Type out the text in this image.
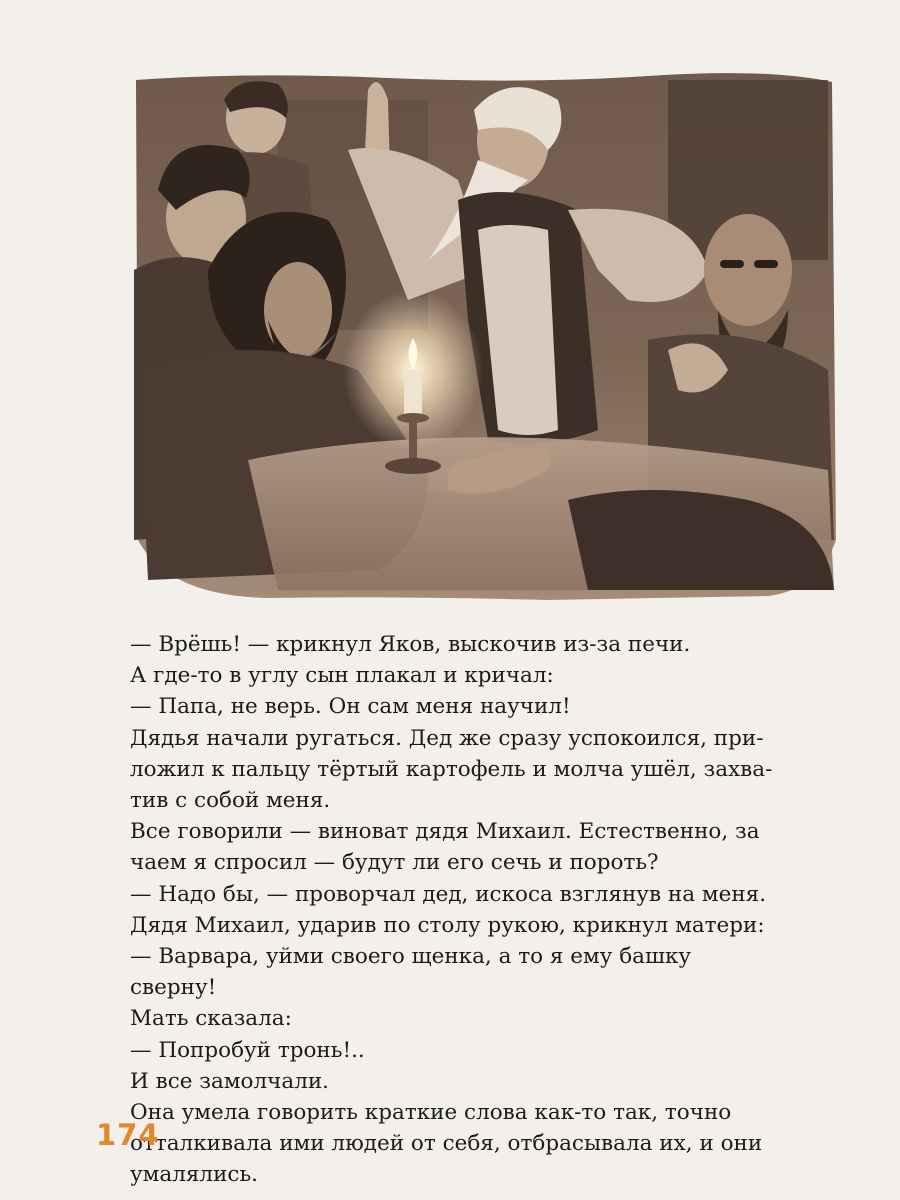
— Врёшь! — крикнул Яков, выскочив из-за печи.

А где-то в углу сын плакал и кричал:

— Папа, не верь. Он сам меня научил!

Дядья начали ругаться. Дед же сразу успокоился, при-

ложил к пальцу тёртый картофель и молча ушёл, захва-

тив с собой меня.

Все говорили — виноват дядя Михаил. Естественно, за

чаем я спросил — будут ли его сечь и пороть?

— Надо бы, — проворчал дед, искоса взглянув на меня.

Дядя Михаил, ударив по столу рукою, крикнул матери:

— Варвара, уйми своего щенка, а то я ему башку

сверну!

Мать сказала:

— Попробуй тронь!..

И все замолчали.

Она умела говорить краткие слова как-то так, точно

отталкивала ими людей от себя, отбрасывала их, и они

умалялись.

174
